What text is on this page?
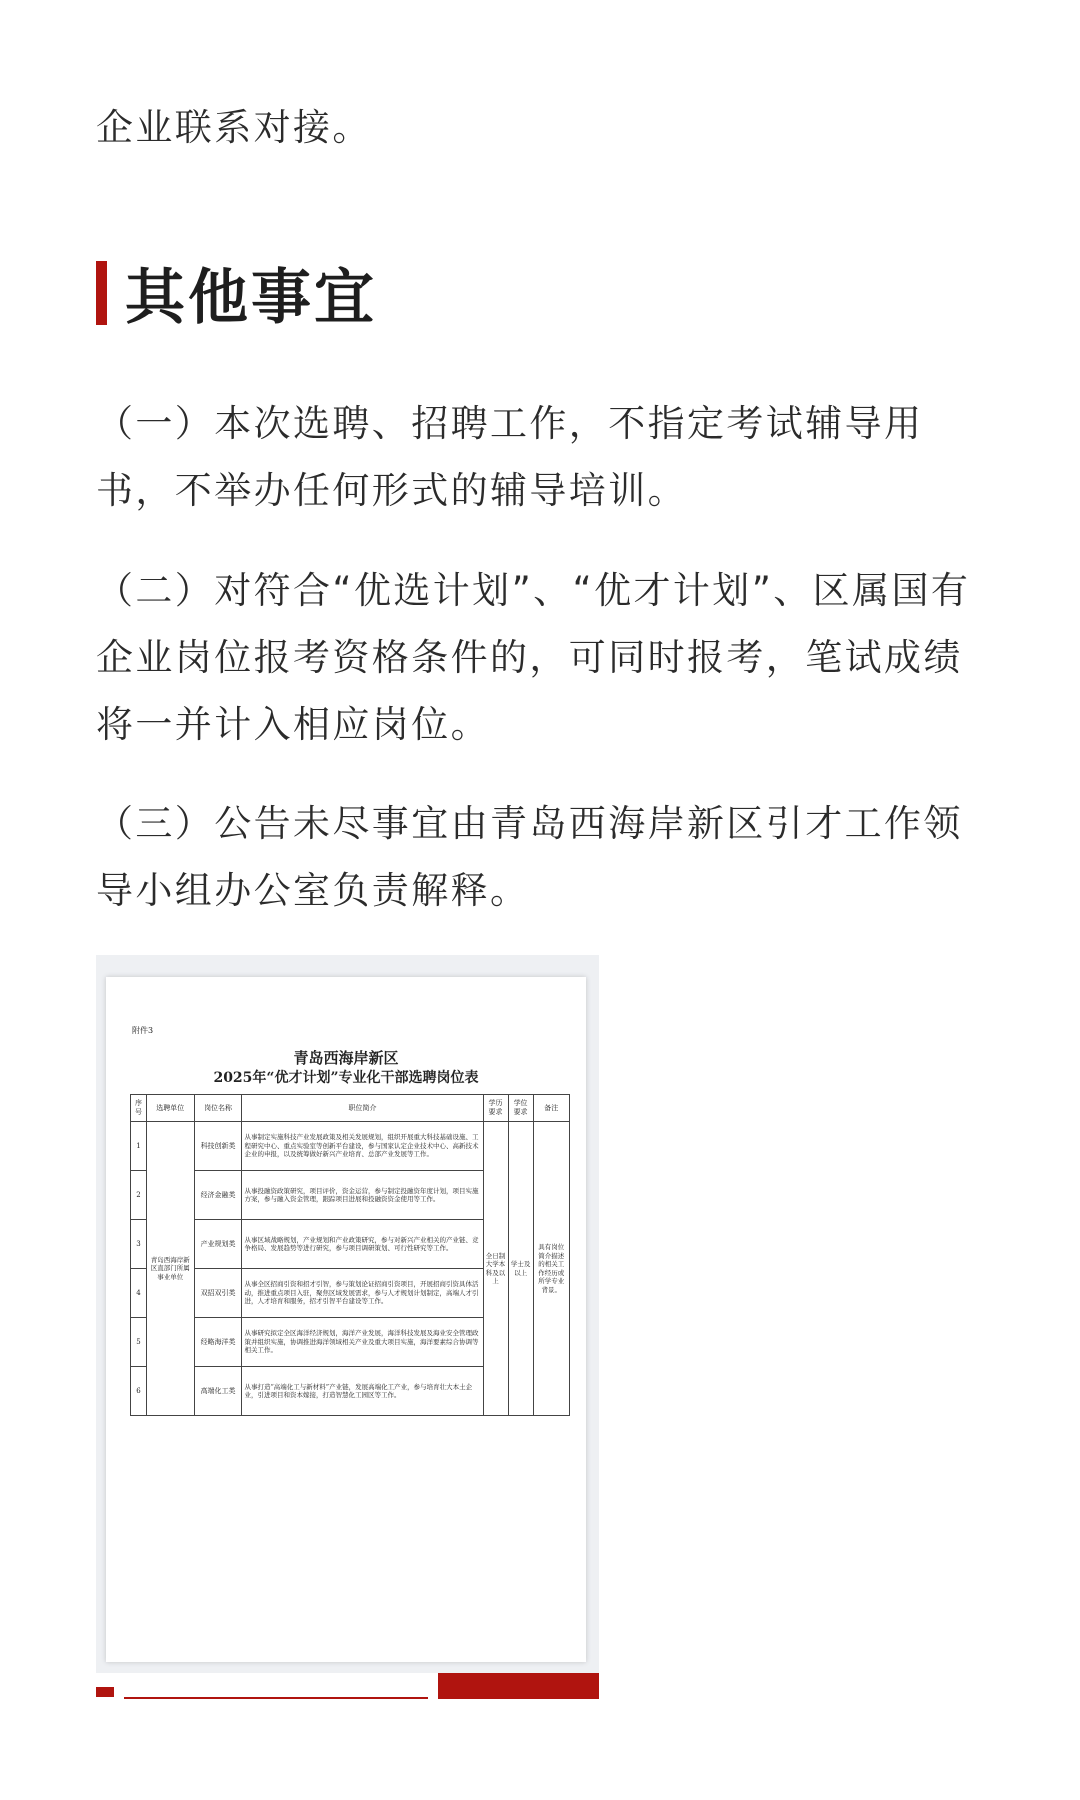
企业联系对接。

其他事宜

（一）本次选聘、招聘工作，不指定考试辅导用书，不举办任何形式的辅导培训。

（二）对符合“优选计划”、“优才计划”、区属国有企业岗位报考资格条件的，可同时报考，笔试成绩将一并计入相应岗位。

（三）公告未尽事宜由青岛西海岸新区引才工作领导小组办公室负责解释。

附件3
青岛西海岸新区
2025年“优才计划”专业化干部选聘岗位表
序号	选聘单位	岗位名称	职位简介	学历要求	学位要求	备注
1	青岛西海岸新区直部门所属事业单位	科技创新类	从事制定实施科技产业发展政策及相关发展规划，组织开展重大科技基础设施、工程研究中心、重点实验室等创新平台建设，参与国家认定企业技术中心、高新技术企业的申报，以及统筹做好新兴产业培育、总部产业发展等工作。	全日制大学本科及以上	学士及以上	具有岗位简介描述的相关工作经历或所学专业背景。
2		经济金融类	从事投融资政策研究，项目评价，资金运营，参与制定投融资年度计划，项目实施方案，参与融入资金管理，跟踪项目进展和投融资资金使用等工作。			
3		产业规划类	从事区域战略规划，产业规划和产业政策研究，参与对新兴产业相关的产业链、竞争格局、发展趋势等进行研究，参与项目调研策划、可行性研究等工作。			
4		双招双引类	从事全区招商引资和招才引智，参与策划论证招商引资项目，开展招商引资具体活动，推进重点项目入驻，聚焦区域发展需求，参与人才规划计划制定，高端人才引进，人才培育和服务，招才引智平台建设等工作。			
5		经略海洋类	从事研究拟定全区海洋经济规划，海洋产业发展，海洋科技发展及海业安全管理政策并组织实施，协调推进海洋领域相关产业及重大项目实施，海洋要素综合协调等相关工作。			
6		高端化工类	从事打造“高端化工与新材料”产业链，发展高端化工产业，参与培育壮大本土企业，引进项目和资本嫁接，打造智慧化工园区等工作。			
